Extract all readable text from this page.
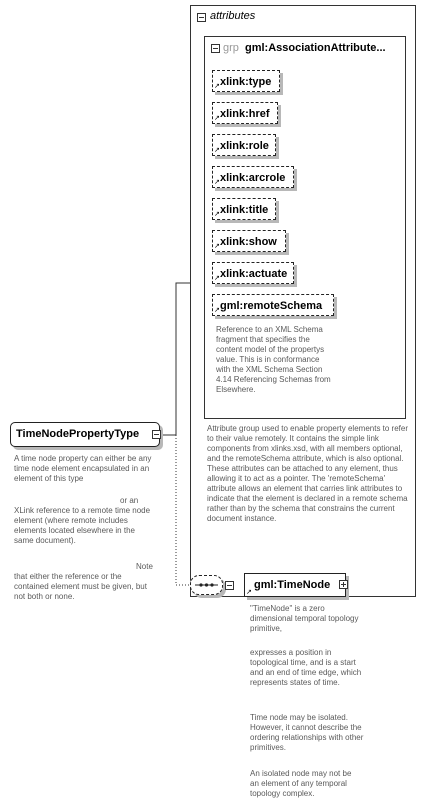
attributes
grp gml:AssociationAttribute...
xlink:type
↗
xlink:href
↗
xlink:role
↗
xlink:arcrole
↗
xlink:title
↗
xlink:show
↗
xlink:actuate
↗
gml:remoteSchema
↗
Reference to an XML Schema fragment that specifies the content model of the propertys value. This is in conformance with the XML Schema Section 4.14 Referencing Schemas from Elsewhere.
Attribute group used to enable property elements to refer to their value remotely. It contains the simple link components from xlinks.xsd, with all members optional, and the remoteSchema attribute, which is also optional. These attributes can be attached to any element, thus allowing it to act as a pointer. The 'remoteSchema' attribute allows an element that carries link attributes to indicate that the element is declared in a remote schema rather than by the schema that constrains the current document instance.
TimeNodePropertyType
A time node property can either be any time node element encapsulated in an element of this type
or an XLink reference to a remote time node element (where remote includes elements located elsewhere in the same document).
Note that either the reference or the contained element must be given, but not both or none.
gml:TimeNode
↗
"TimeNode" is a zero dimensional temporal topology primitive,
expresses a position in topological time, and is a start and an end of time edge, which represents states of time.
Time node may be isolated. However, it cannot describe the ordering relationships with other primitives.
An isolated node may not be an element of any temporal topology complex.
